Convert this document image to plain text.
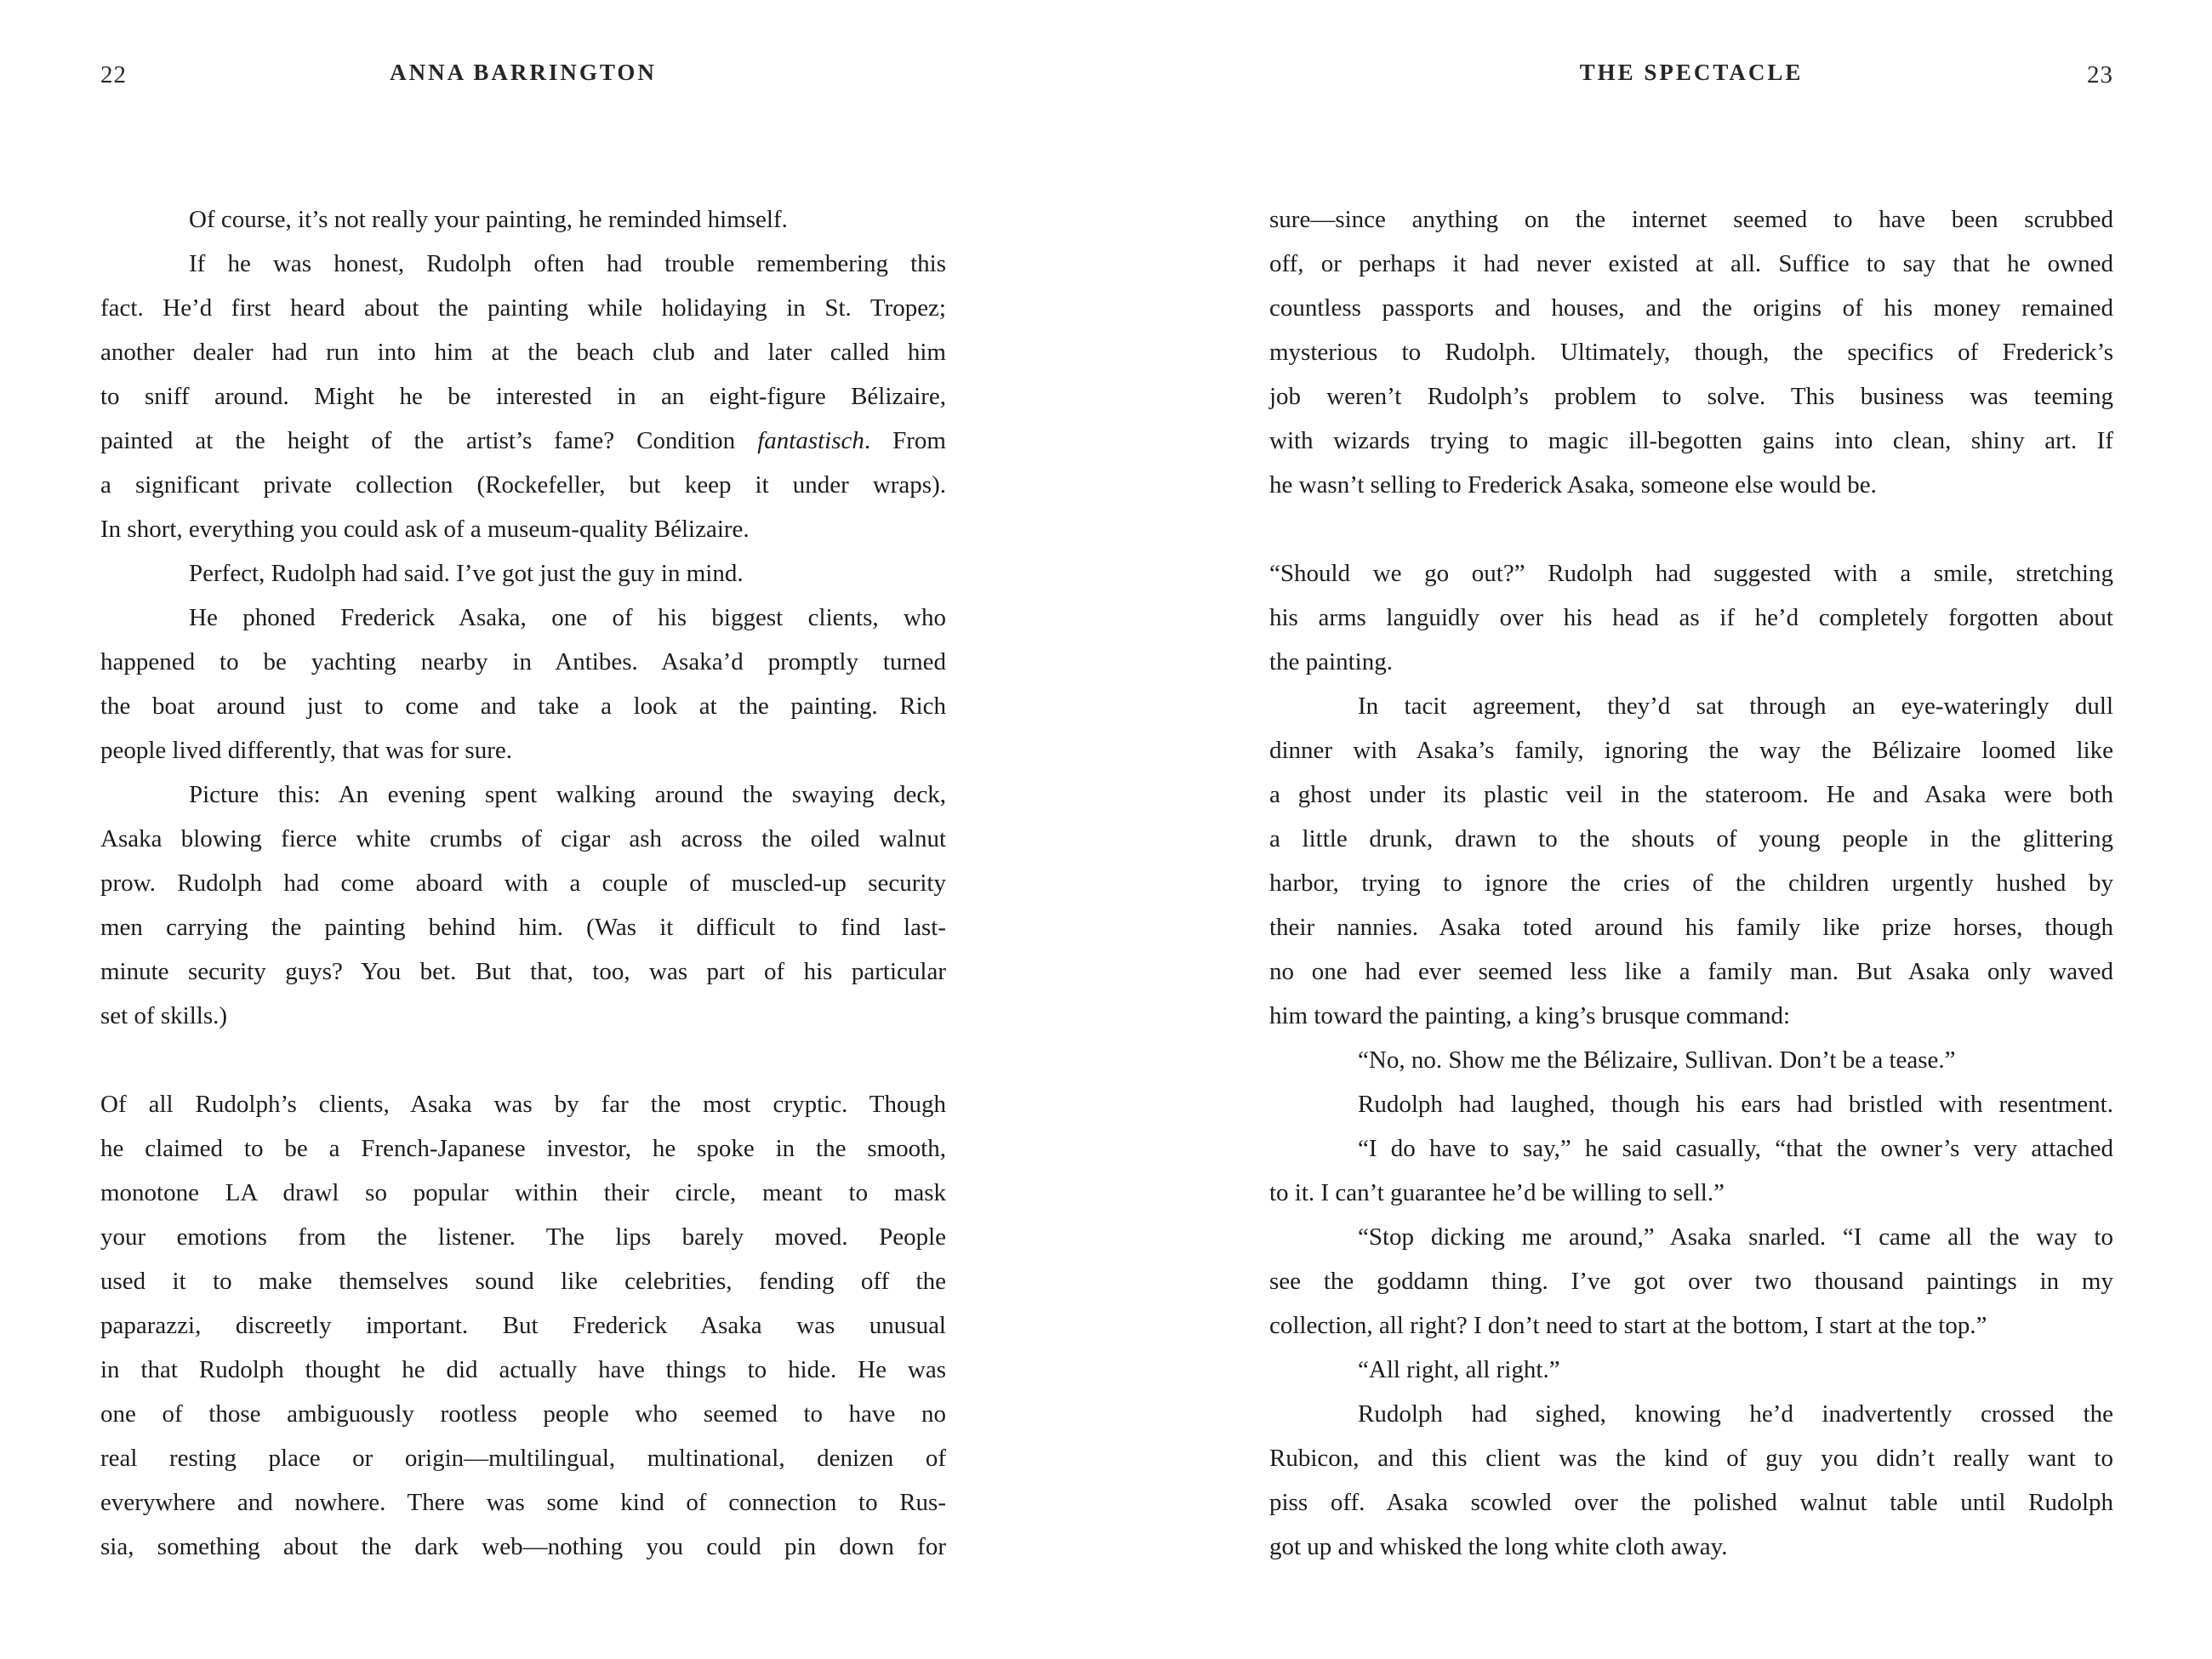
22	ANNA BARRINGTON
Of course, it’s not really your painting, he reminded himself.
If he was honest, Rudolph often had trouble remembering this
fact. He’d first heard about the painting while holidaying in St. Tropez;
another dealer had run into him at the beach club and later called him
to sniff around. Might he be interested in an eight-figure Bélizaire,
painted at the height of the artist’s fame? Condition fantastisch. From
a significant private collection (Rockefeller, but keep it under wraps).
In short, everything you could ask of a museum-quality Bélizaire.
Perfect, Rudolph had said. I’ve got just the guy in mind.
He phoned Frederick Asaka, one of his biggest clients, who
happened to be yachting nearby in Antibes. Asaka’d promptly turned
the boat around just to come and take a look at the painting. Rich
people lived differently, that was for sure.
Picture this: An evening spent walking around the swaying deck,
Asaka blowing fierce white crumbs of cigar ash across the oiled walnut
prow. Rudolph had come aboard with a couple of muscled-up security
men carrying the painting behind him. (Was it difficult to find last-
minute security guys? You bet. But that, too, was part of his particular
set of skills.)
Of all Rudolph’s clients, Asaka was by far the most cryptic. Though
he claimed to be a French-Japanese investor, he spoke in the smooth,
monotone LA drawl so popular within their circle, meant to mask
your emotions from the listener. The lips barely moved. People
used it to make themselves sound like celebrities, fending off the
paparazzi, discreetly important. But Frederick Asaka was unusual
in that Rudolph thought he did actually have things to hide. He was
one of those ambiguously rootless people who seemed to have no
real resting place or origin—multilingual, multinational, denizen of
everywhere and nowhere. There was some kind of connection to Rus-
sia, something about the dark web—nothing you could pin down for
THE SPECTACLE	23
sure—since anything on the internet seemed to have been scrubbed
off, or perhaps it had never existed at all. Suffice to say that he owned
countless passports and houses, and the origins of his money remained
mysterious to Rudolph. Ultimately, though, the specifics of Frederick’s
job weren’t Rudolph’s problem to solve. This business was teeming
with wizards trying to magic ill-begotten gains into clean, shiny art. If
he wasn’t selling to Frederick Asaka, someone else would be.
“Should we go out?” Rudolph had suggested with a smile, stretching
his arms languidly over his head as if he’d completely forgotten about
the painting.
In tacit agreement, they’d sat through an eye-wateringly dull
dinner with Asaka’s family, ignoring the way the Bélizaire loomed like
a ghost under its plastic veil in the stateroom. He and Asaka were both
a little drunk, drawn to the shouts of young people in the glittering
harbor, trying to ignore the cries of the children urgently hushed by
their nannies. Asaka toted around his family like prize horses, though
no one had ever seemed less like a family man. But Asaka only waved
him toward the painting, a king’s brusque command:
“No, no. Show me the Bélizaire, Sullivan. Don’t be a tease.”
Rudolph had laughed, though his ears had bristled with resentment.
“I do have to say,” he said casually, “that the owner’s very attached
to it. I can’t guarantee he’d be willing to sell.”
“Stop dicking me around,” Asaka snarled. “I came all the way to
see the goddamn thing. I’ve got over two thousand paintings in my
collection, all right? I don’t need to start at the bottom, I start at the top.”
“All right, all right.”
Rudolph had sighed, knowing he’d inadvertently crossed the
Rubicon, and this client was the kind of guy you didn’t really want to
piss off. Asaka scowled over the polished walnut table until Rudolph
got up and whisked the long white cloth away.
